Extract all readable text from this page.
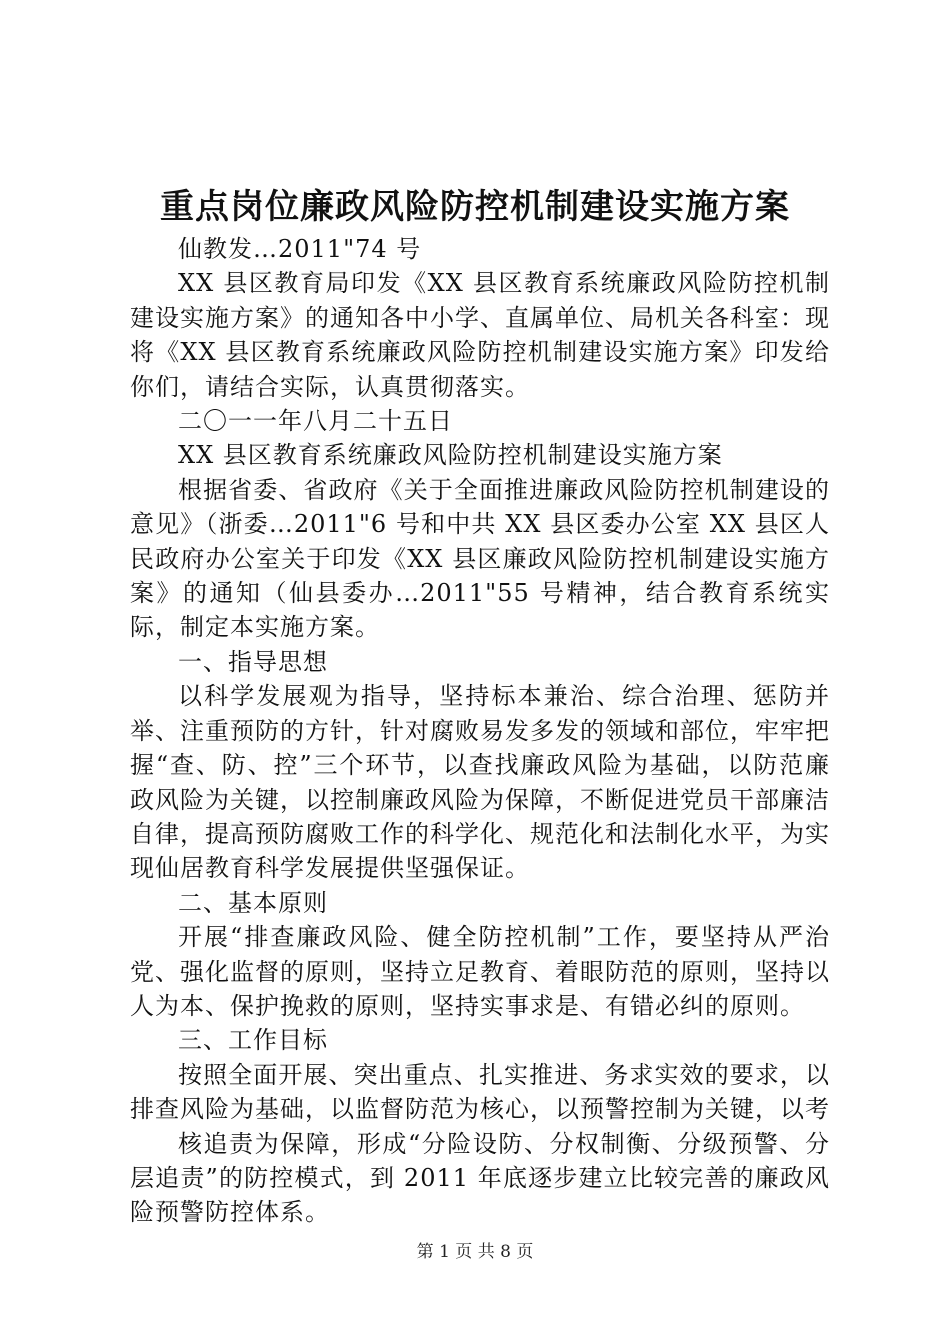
重点岗位廉政风险防控机制建设实施方案

仙教发…2011"74 号

XX 县区教育局印发《XX 县区教育系统廉政风险防控机制建设实施方案》的通知各中小学、直属单位、局机关各科室：现将《XX 县区教育系统廉政风险防控机制建设实施方案》印发给你们，请结合实际，认真贯彻落实。

二〇一一年八月二十五日

XX 县区教育系统廉政风险防控机制建设实施方案

根据省委、省政府《关于全面推进廉政风险防控机制建设的意见》（浙委…2011"6 号和中共 XX 县区委办公室 XX 县区人民政府办公室关于印发《XX 县区廉政风险防控机制建设实施方案》的通知（仙县委办…2011"55 号精神，结合教育系统实际，制定本实施方案。

一、指导思想

以科学发展观为指导，坚持标本兼治、综合治理、惩防并举、注重预防的方针，针对腐败易发多发的领域和部位，牢牢把握“查、防、控”三个环节，以查找廉政风险为基础，以防范廉政风险为关键，以控制廉政风险为保障，不断促进党员干部廉洁自律，提高预防腐败工作的科学化、规范化和法制化水平，为实现仙居教育科学发展提供坚强保证。

二、基本原则

开展“排查廉政风险、健全防控机制”工作，要坚持从严治党、强化监督的原则，坚持立足教育、着眼防范的原则，坚持以人为本、保护挽救的原则，坚持实事求是、有错必纠的原则。

三、工作目标

按照全面开展、突出重点、扎实推进、务求实效的要求，以排查风险为基础，以监督防范为核心，以预警控制为关键，以考

核追责为保障，形成“分险设防、分权制衡、分级预警、分层追责”的防控模式，到 2011 年底逐步建立比较完善的廉政风险预警防控体系。

第 1 页 共 8 页
